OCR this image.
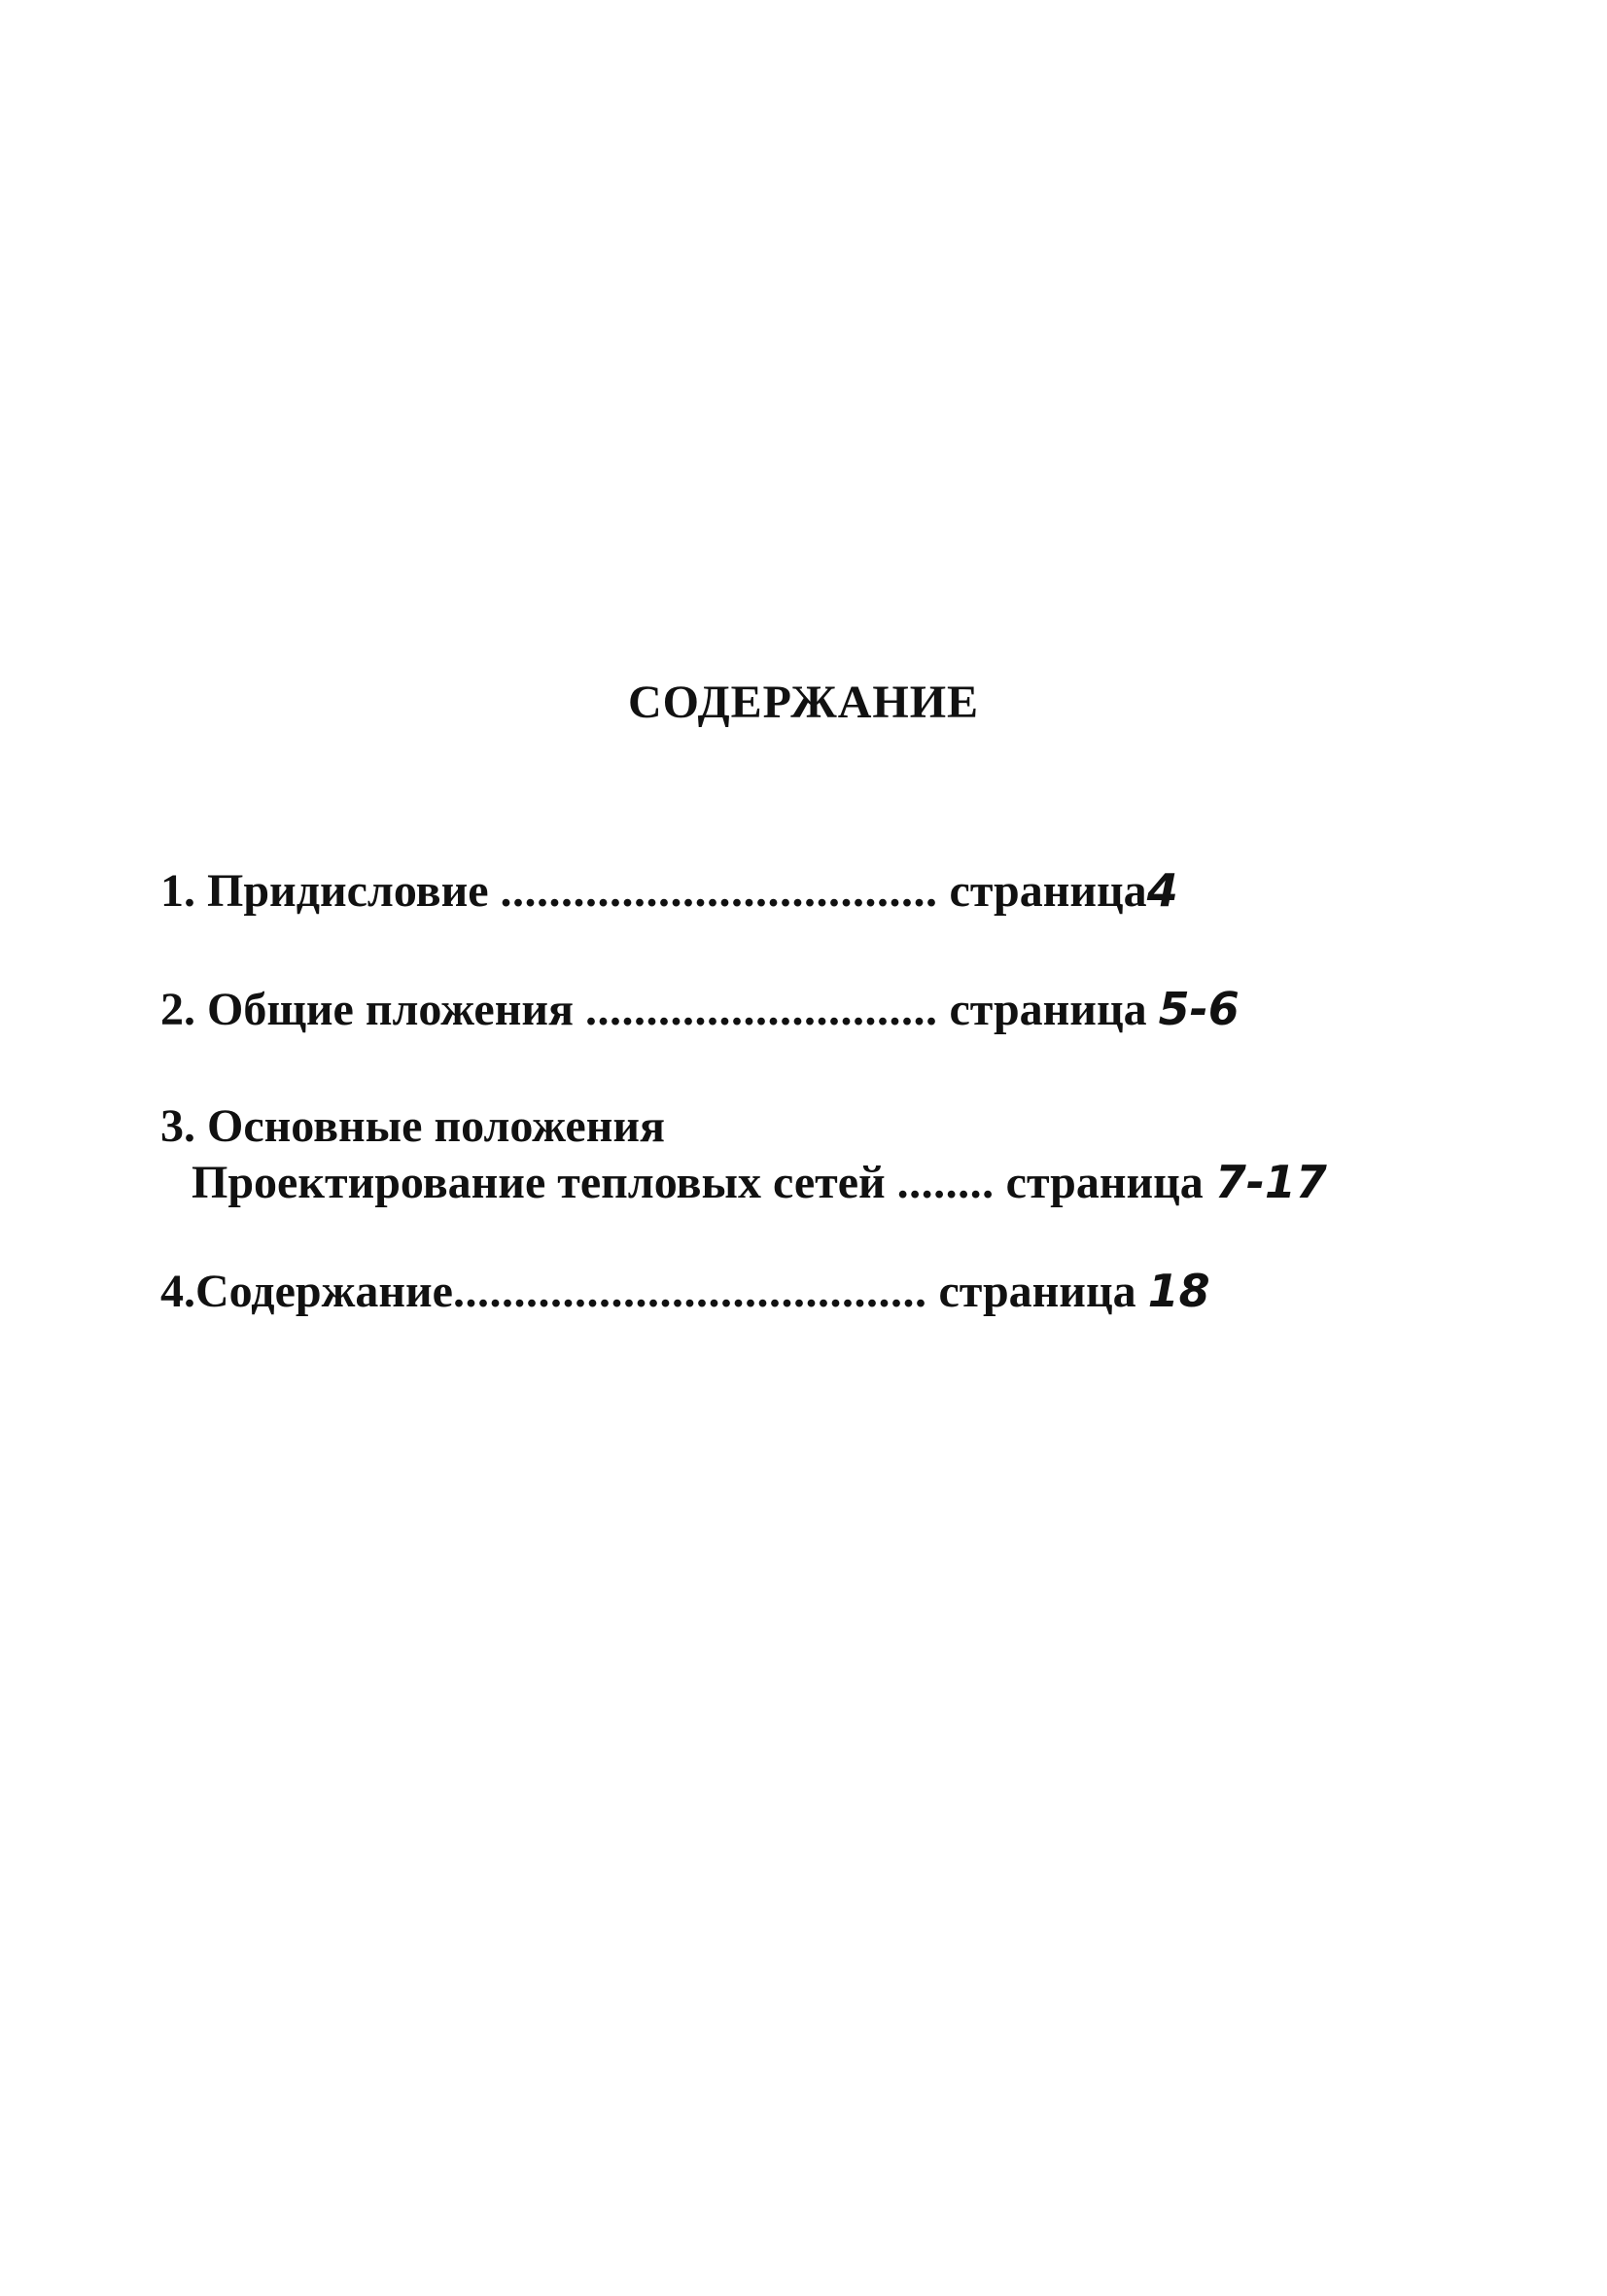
СОДЕРЖАНИЕ
1. Придисловие .................................... страница4
2. Общие пложения ............................. страница 5-6
3. Основные положения
Проектирование тепловых сетей ........ страница 7-17
4.Содержание....................................... страница 18
